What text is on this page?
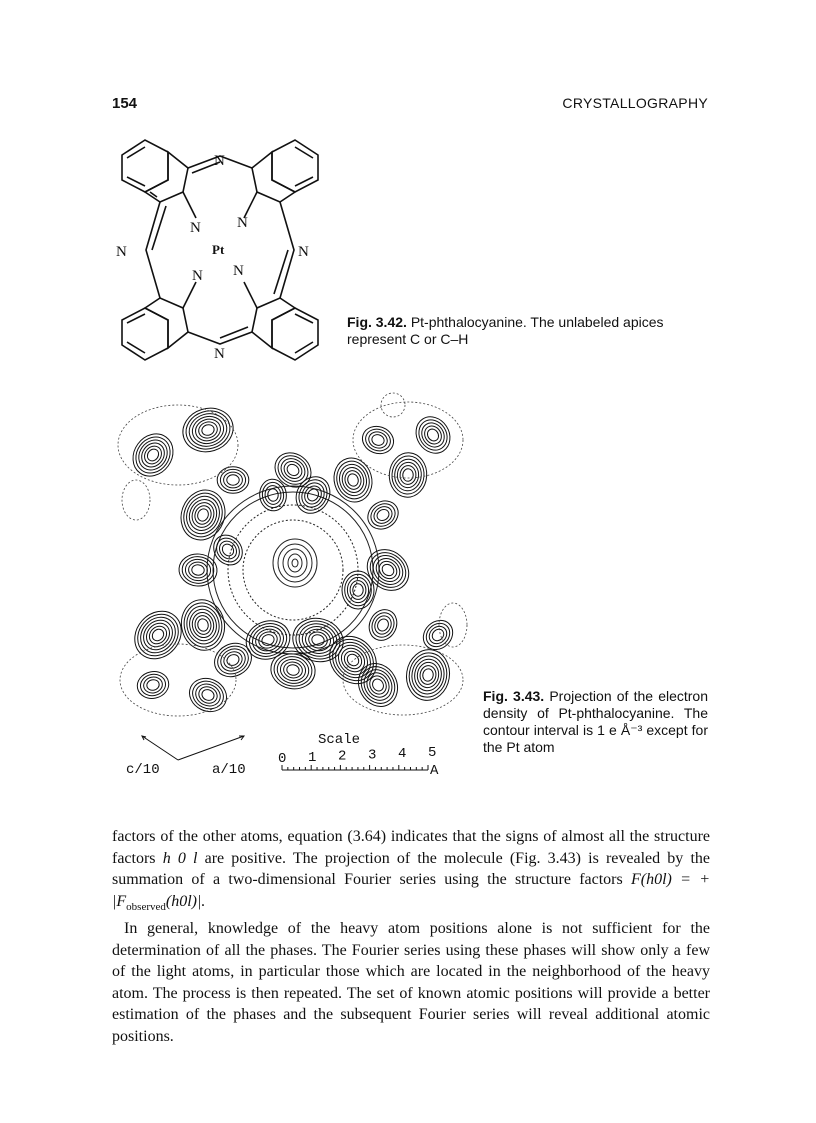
154	CRYSTALLOGRAPHY
N
N
N	N
N N
N N
Pt
Fig. 3.42. Pt-phthalocyanine. The unlabeled apices represent C or C–H
c/10	a/10
Scale
0 1 2 3 4 5
A
Fig. 3.43. Projection of the electron density of Pt-phthalocyanine. The contour interval is 1 e Å⁻³ except for the Pt atom

factors of the other atoms, equation (3.64) indicates that the signs of almost all the structure factors h 0 l are positive. The projection of the molecule (Fig. 3.43) is revealed by the summation of a two-dimensional Fourier series using the structure factors F(h0l) = + $|F_{observed}(h0l)|$.

In general, knowledge of the heavy atom positions alone is not sufficient for the determination of all the phases. The Fourier series using these phases will show only a few of the light atoms, in particular those which are located in the neighborhood of the heavy atom. The process is then repeated. The set of known atomic positions will provide a better estimation of the phases and the subsequent Fourier series will reveal additional atomic positions.
